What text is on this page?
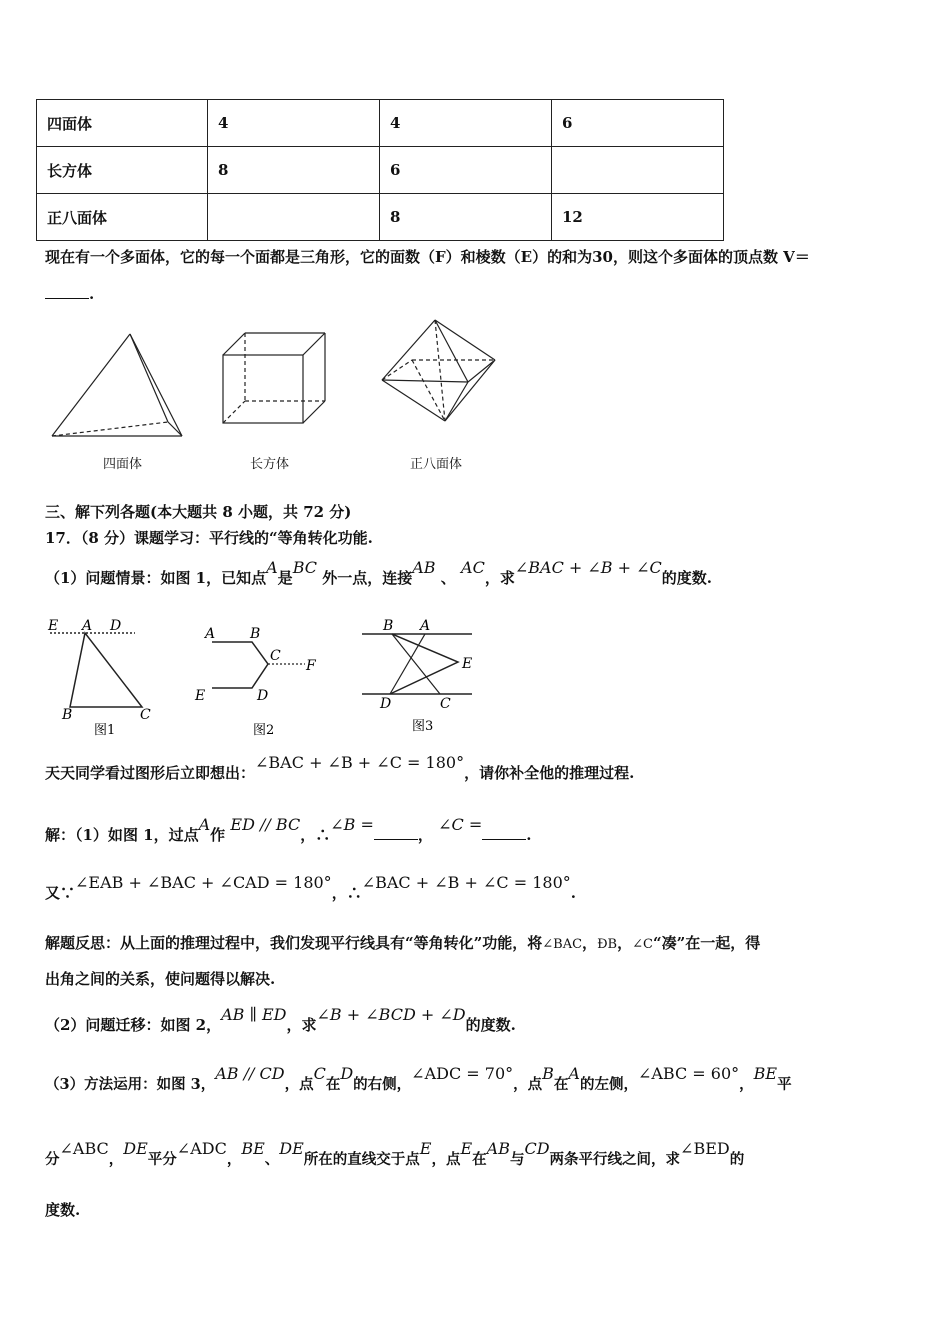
四面体	4	4	6
长方体	8	6	
正八面体		8	12
现在有一个多面体，它的每一个面都是三角形，它的面数（F）和棱数（E）的和为30，则这个多面体的顶点数 V＝
.
四面体	长方体	正八面体
三、解下列各题(本大题共 8 小题，共 72 分)
17．（8 分）课题学习：平行线的“等角转化功能.
（1）问题情景：如图 1，已知点A是BC 外一点，连接AB 、 AC，求∠BAC + ∠B + ∠C的度数.
E A D
B	C
图1
A B
C
F
E	D
图2
B A
E
D	C
图3
天天同学看过图形后立即想出：∠BAC + ∠B + ∠C = 180°，请你补全他的推理过程.
解：（1）如图 1，过点A作 ED // BC，∴∠B =， ∠C =.
又∵∠EAB + ∠BAC + ∠CAD = 180°，∴∠BAC + ∠B + ∠C = 180°.
解题反思：从上面的推理过程中，我们发现平行线具有“等角转化”功能，将∠BAC，ÐB，∠C“凑”在一起，得
出角之间的关系，使问题得以解决.
（2）问题迁移：如图 2，AB ∥ ED，求∠B + ∠BCD + ∠D的度数.
（3）方法运用：如图 3，AB // CD，点C在D的右侧，∠ADC = 70°，点B在A的左侧，∠ABC = 60°，BE平
分∠ABC，DE平分∠ADC，BE、DE所在的直线交于点E，点E在AB与CD两条平行线之间，求∠BED的
度数.
